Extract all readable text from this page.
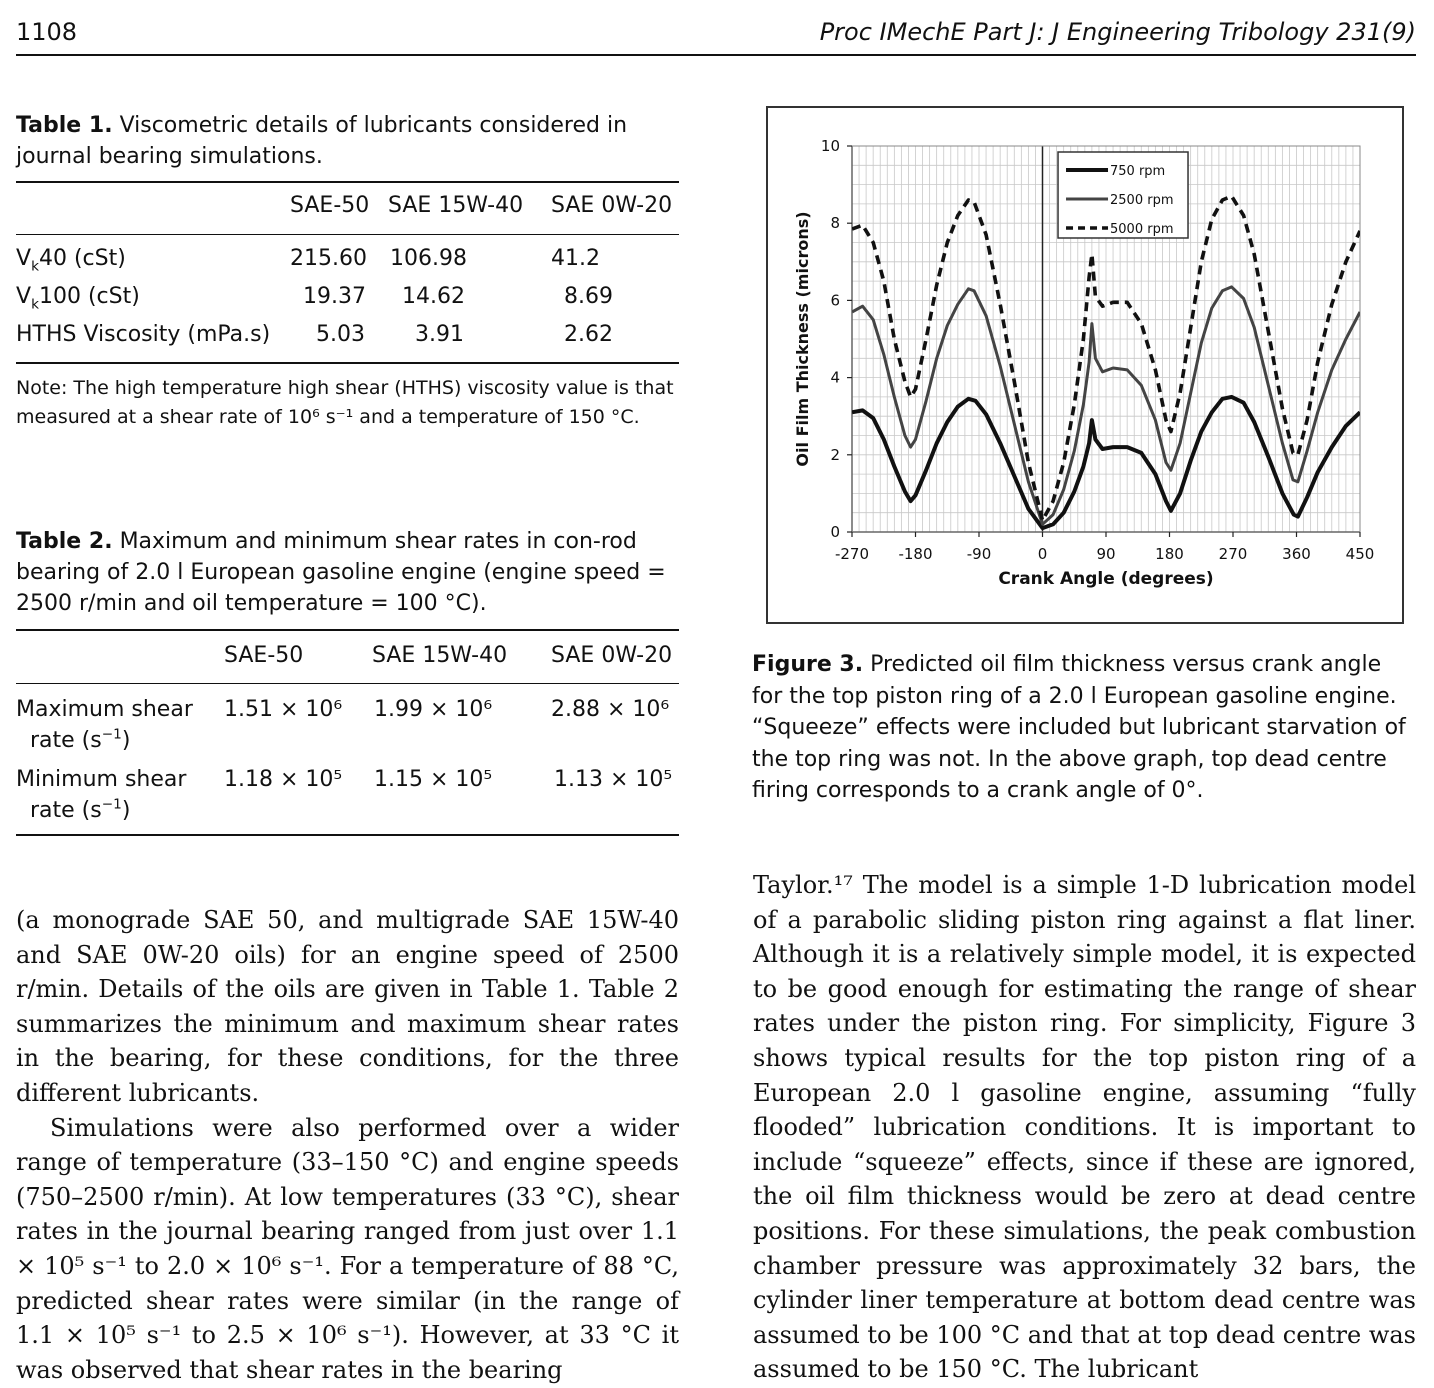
1108	Proc IMechE Part J: J Engineering Tribology 231(9)
Table 1. Viscometric details of lubricants considered in journal bearing simulations.
SAE-50 SAE 15W-40 SAE 0W-20
$V_k40$ (cSt)	215.60 106.98	41.2
$V_k100$ (cSt)	19.37 14.62	8.69
HTHS Viscosity (mPa.s) 5.03 3.91	2.62
Note: The high temperature high shear (HTHS) viscosity value is that measured at a shear rate of 10⁶ s⁻¹ and a temperature of 150 °C.
Table 2. Maximum and minimum shear rates in con-rod bearing of 2.0 l European gasoline engine (engine speed = 2500 r/min and oil temperature = 100 °C).
SAE-50	SAE 15W-40 SAE 0W-20
Maximum shear
rate $(s^{-1})$
1.51 × 10⁶ 1.99 × 10⁶	2.88 × 10⁶
Minimum shear
rate $(s^{-1})$
1.18 × 10⁵ 1.15 × 10⁵	1.13 × 10⁵

(a monograde SAE 50, and multigrade SAE 15W-40 and SAE 0W-20 oils) for an engine speed of 2500 r/min. Details of the oils are given in Table 1. Table 2 summarizes the minimum and maximum shear rates in the bearing, for these conditions, for the three different lubricants.

Simulations were also performed over a wider range of temperature (33–150 °C) and engine speeds (750–2500 r/min). At low temperatures (33 °C), shear rates in the journal bearing ranged from just over 1.1 × 10⁵ s⁻¹ to 2.0 × 10⁶ s⁻¹. For a temperature of 88 °C, predicted shear rates were similar (in the range of 1.1 × 10⁵ s⁻¹ to 2.5 × 10⁶ s⁻¹). However, at 33 °C it was observed that shear rates in the bearing

-270 -180 -90	0	90	180 270 360 450
0
2
4
6
8
10
Crank Angle (degrees)
Oil Film Thickness (microns)
750 rpm
2500 rpm
5000 rpm
Figure 3. Predicted oil film thickness versus crank angle for the top piston ring of a 2.0 l European gasoline engine. “Squeeze” effects were included but lubricant starvation of the top ring was not. In the above graph, top dead centre firing corresponds to a crank angle of 0°.

Taylor.¹⁷ The model is a simple 1-D lubrication model of a parabolic sliding piston ring against a flat liner. Although it is a relatively simple model, it is expected to be good enough for estimating the range of shear rates under the piston ring. For simplicity, Figure 3 shows typical results for the top piston ring of a European 2.0 l gasoline engine, assuming “fully flooded” lubrication conditions. It is important to include “squeeze” effects, since if these are ignored, the oil film thickness would be zero at dead centre positions. For these simulations, the peak combustion chamber pressure was approximately 32 bars, the cylinder liner temperature at bottom dead centre was assumed to be 100 °C and that at top dead centre was assumed to be 150 °C. The lubricant
